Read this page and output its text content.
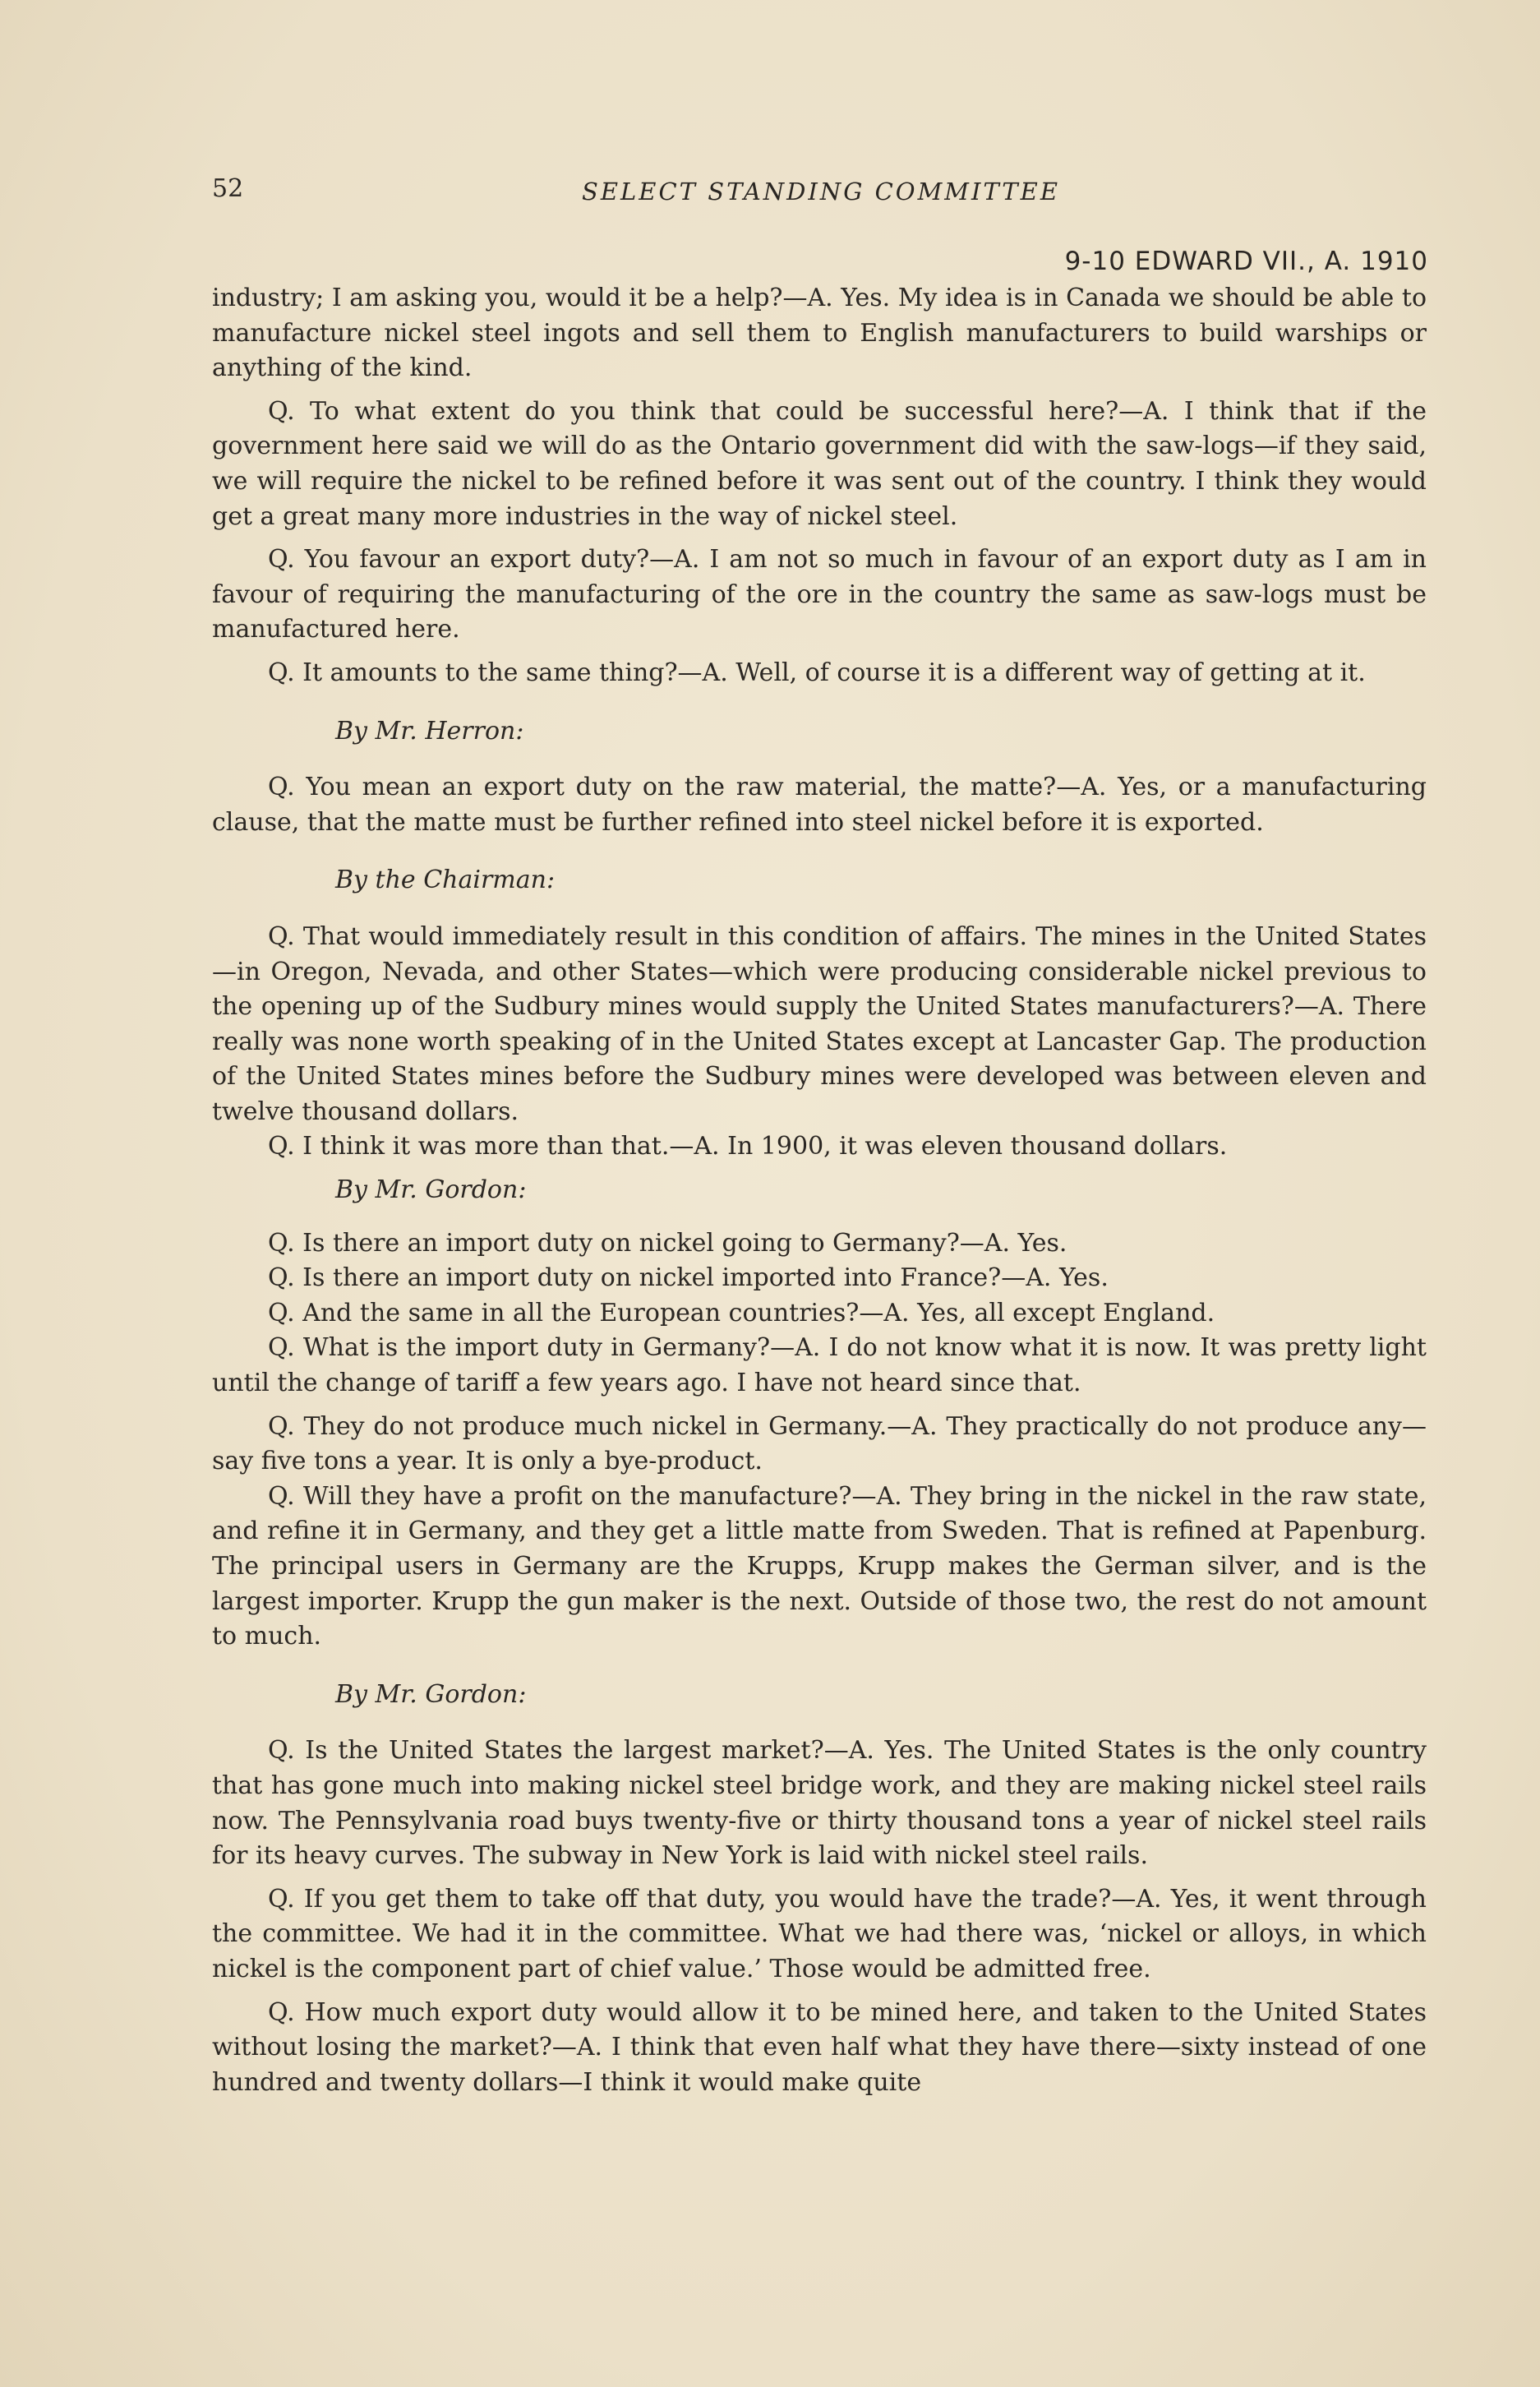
52	SELECT STANDING COMMITTEE
9-10 EDWARD VII., A. 1910

industry; I am asking you, would it be a help?—A. Yes. My idea is in Canada we should be able to manufacture nickel steel ingots and sell them to English manufacturers to build warships or anything of the kind.

Q. To what extent do you think that could be successful here?—A. I think that if the government here said we will do as the Ontario government did with the saw-logs—if they said, we will require the nickel to be refined before it was sent out of the country. I think they would get a great many more industries in the way of nickel steel.

Q. You favour an export duty?—A. I am not so much in favour of an export duty as I am in favour of requiring the manufacturing of the ore in the country the same as saw-logs must be manufactured here.

Q. It amounts to the same thing?—A. Well, of course it is a different way of getting at it.

By Mr. Herron:

Q. You mean an export duty on the raw material, the matte?—A. Yes, or a manufacturing clause, that the matte must be further refined into steel nickel before it is exported.

By the Chairman:

Q. That would immediately result in this condition of affairs. The mines in the United States—in Oregon, Nevada, and other States—which were producing considerable nickel previous to the opening up of the Sudbury mines would supply the United States manufacturers?—A. There really was none worth speaking of in the United States except at Lancaster Gap. The production of the United States mines before the Sudbury mines were developed was between eleven and twelve thousand dollars.

Q. I think it was more than that.—A. In 1900, it was eleven thousand dollars.

By Mr. Gordon:

Q. Is there an import duty on nickel going to Germany?—A. Yes.

Q. Is there an import duty on nickel imported into France?—A. Yes.

Q. And the same in all the European countries?—A. Yes, all except England.

Q. What is the import duty in Germany?—A. I do not know what it is now. It was pretty light until the change of tariff a few years ago. I have not heard since that.

Q. They do not produce much nickel in Germany.—A. They practically do not produce any—say five tons a year. It is only a bye-product.

Q. Will they have a profit on the manufacture?—A. They bring in the nickel in the raw state, and refine it in Germany, and they get a little matte from Sweden. That is refined at Papenburg. The principal users in Germany are the Krupps, Krupp makes the German silver, and is the largest importer. Krupp the gun maker is the next. Outside of those two, the rest do not amount to much.

By Mr. Gordon:

Q. Is the United States the largest market?—A. Yes. The United States is the only country that has gone much into making nickel steel bridge work, and they are making nickel steel rails now. The Pennsylvania road buys twenty-five or thirty thousand tons a year of nickel steel rails for its heavy curves. The subway in New York is laid with nickel steel rails.

Q. If you get them to take off that duty, you would have the trade?—A. Yes, it went through the committee. We had it in the committee. What we had there was, ‘nickel or alloys, in which nickel is the component part of chief value.’ Those would be admitted free.

Q. How much export duty would allow it to be mined here, and taken to the United States without losing the market?—A. I think that even half what they have there—sixty instead of one hundred and twenty dollars—I think it would make quite
